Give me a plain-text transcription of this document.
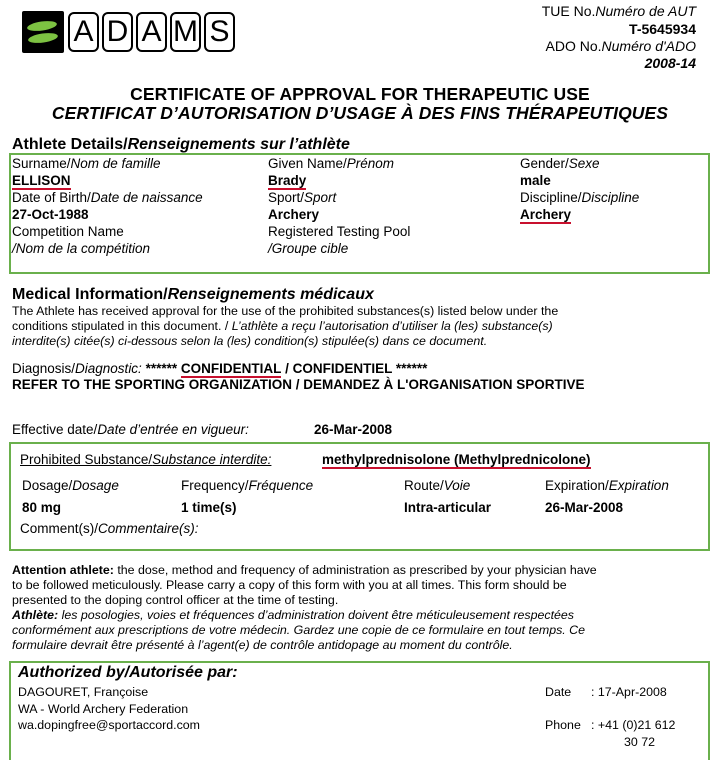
A D A M S
TUE No.Numéro de AUT
T-5645934
ADO No.Numéro d'ADO
2008-14
CERTIFICATE OF APPROVAL FOR THERAPEUTIC USE
CERTIFICAT D’AUTORISATION D’USAGE À DES FINS THÉRAPEUTIQUES
Athlete Details/Renseignements sur l’athlète
Surname/Nom de famille
ELLISON
Date of Birth/Date de naissance
27-Oct-1988
Competition Name
/Nom de la compétition
Given Name/Prénom
Brady
Sport/Sport
Archery
Registered Testing Pool
/Groupe cible
Gender/Sexe
male
Discipline/Discipline
Archery
Medical Information/Renseignements médicaux
The Athlete has received approval for the use of the prohibited substances(s) listed below under the
conditions stipulated in this document. / L’athlète a reçu l’autorisation d’utiliser la (les) substance(s)
interdite(s) citée(s) ci-dessous selon la (les) condition(s) stipulée(s) dans ce document.
Diagnosis/Diagnostic: ****** CONFIDENTIAL / CONFIDENTIEL ******
REFER TO THE SPORTING ORGANIZATION / DEMANDEZ À L'ORGANISATION SPORTIVE
Effective date/Date d’entrée en vigueur:	26-Mar-2008
Prohibited Substance/Substance interdite:	methylprednisolone (Methylprednicolone)
Dosage/Dosage
80 mg
Frequency/Fréquence
1 time(s)
Route/Voie
Intra-articular
Expiration/Expiration
26-Mar-2008
Comment(s)/Commentaire(s):
Attention athlete: the dose, method and frequency of administration as prescribed by your physician have
to be followed meticulously. Please carry a copy of this form with you at all times. This form should be
presented to the doping control officer at the time of testing.
Athlète: les posologies, voies et fréquences d’administration doivent être méticuleusement respectées
conformément aux prescriptions de votre médecin. Gardez une copie de ce formulaire en tout temps. Ce
formulaire devrait être présenté à l’agent(e) de contrôle antidopage au moment du contrôle.
Authorized by/Autorisée par:
DAGOURET, Françoise
WA - World Archery Federation
wa.dopingfree@sportaccord.com
Date : 17-Apr-2008
Phone : +41 (0)21 612
30 72
